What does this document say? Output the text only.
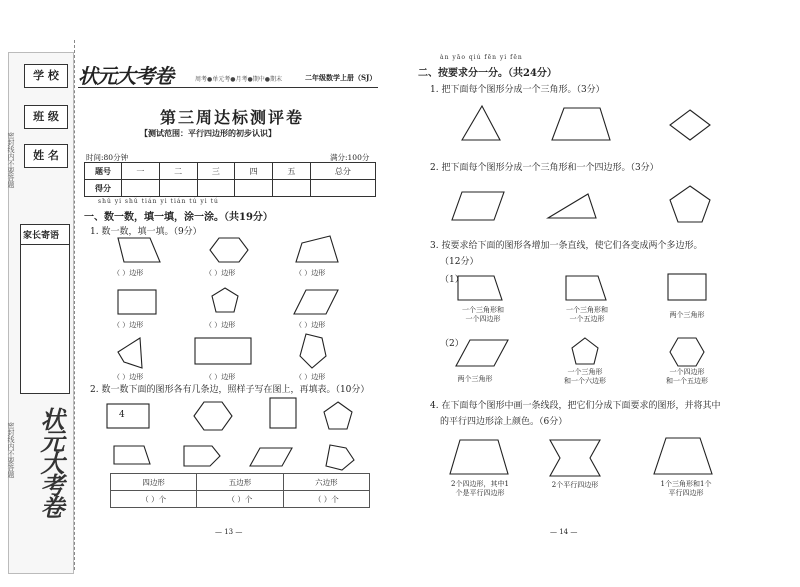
学 校
班 级
姓 名
家长寄语
密封线内不要答题
密封线内不要答题 状元大考卷
状元大考卷	周考●单元考●月考●期中●期末	二年级数学上册（SJ）
第三周达标测评卷
【测试范围：平行四边形的初步认识】
时间:80分钟	满分:100分
题号	一	二	三	四	五	总分
得分						
shǔ yi shǔ tián yi tián tú yi tú
一、数一数，填一填，涂一涂。（共19分）
1. 数一数，填一填。（9分）
（ ）边形	（ ）边形	（ ）边形
（ ）边形	（ ）边形	（ ）边形
（ ）边形	（ ）边形	（ ）边形
2. 数一数下面的图形各有几条边，照样子写在图上，再填表。（10分）
4
四边形	五边形	六边形
（ ）个	（ ）个	（ ）个
— 13 —
àn yāo qiú fēn yi fēn
二、按要求分一分。（共24分）
1. 把下面每个图形分成一个三角形。（3分）
2. 把下面每个图形分成一个三角形和一个四边形。（3分）
3. 按要求给下面的图形各增加一条直线，使它们各变成两个多边形。
（12分）
（1）
（2）
4. 在下面每个图形中画一条线段，把它们分成下面要求的图形，并将其中
的平行四边形涂上颜色。（6分）
一个三角形和
一个四边形
一个三角形和
一个五边形	两个三角形
两个三角形
一个三角形
和一个六边形
一个四边形
和一个五边形
2个四边形，其中1
个是平行四边形
2个平行四边形	1个三角形和1个
平行四边形
— 14 —
